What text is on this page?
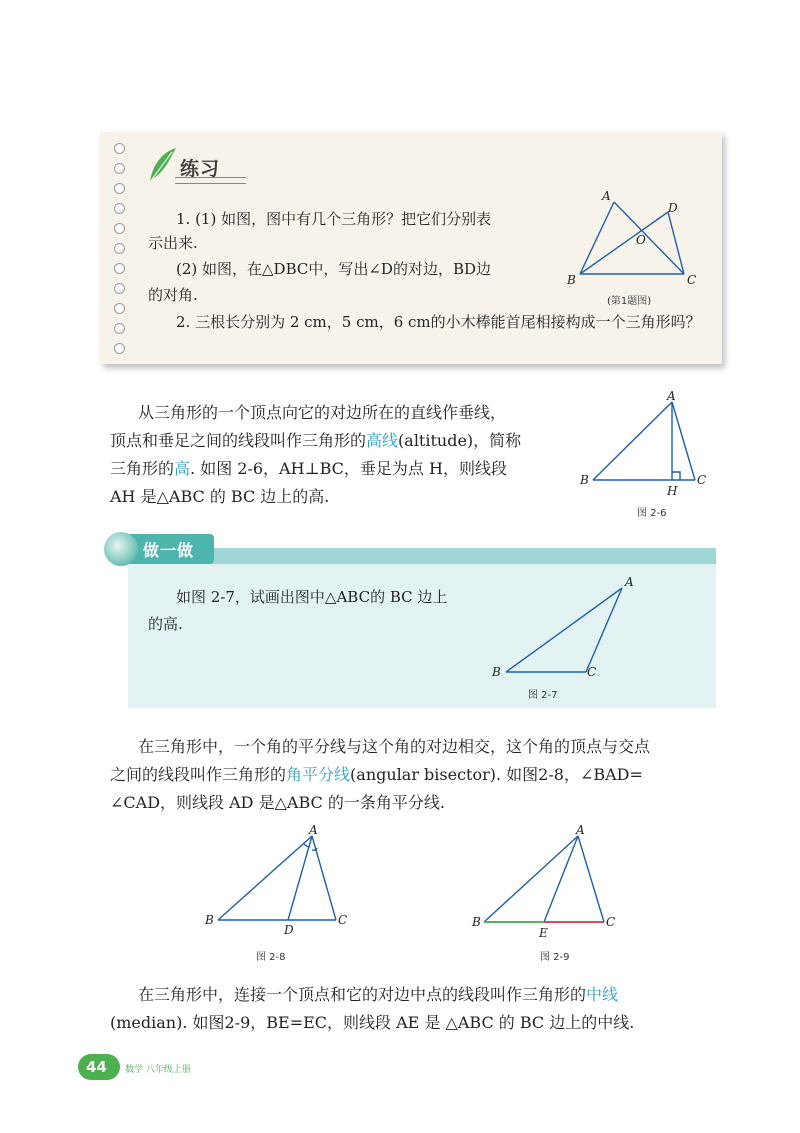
练习
1. (1) 如图，图中有几个三角形？把它们分别表
示出来.
(2) 如图，在△DBC中，写出∠D的对边，BD边
的对角.
2. 三根长分别为 2 cm，5 cm，6 cm的小木棒能首尾相接构成一个三角形吗？
A
D
O
B	C
(第1题图)
从三角形的一个顶点向它的对边所在的直线作垂线，
顶点和垂足之间的线段叫作三角形的高线(altitude)，简称
三角形的高. 如图 2-6，AH⊥BC，垂足为点 H，则线段
AH 是△ABC 的 BC 边上的高.
A
B	C
H
图 2-6
做一做
如图 2-7，试画出图中△ABC的 BC 边上
的高.
A
B	C
图 2-7
在三角形中，一个角的平分线与这个角的对边相交，这个角的顶点与交点
之间的线段叫作三角形的角平分线(angular bisector). 如图2-8，∠BAD=
∠CAD，则线段 AD 是△ABC 的一条角平分线.
A
B	C
D
图 2-8
A
B	C
E
图 2-9
在三角形中，连接一个顶点和它的对边中点的线段叫作三角形的中线
(median). 如图2-9，BE=EC，则线段 AE 是 △ABC 的 BC 边上的中线.
44 数学 八年级上册
